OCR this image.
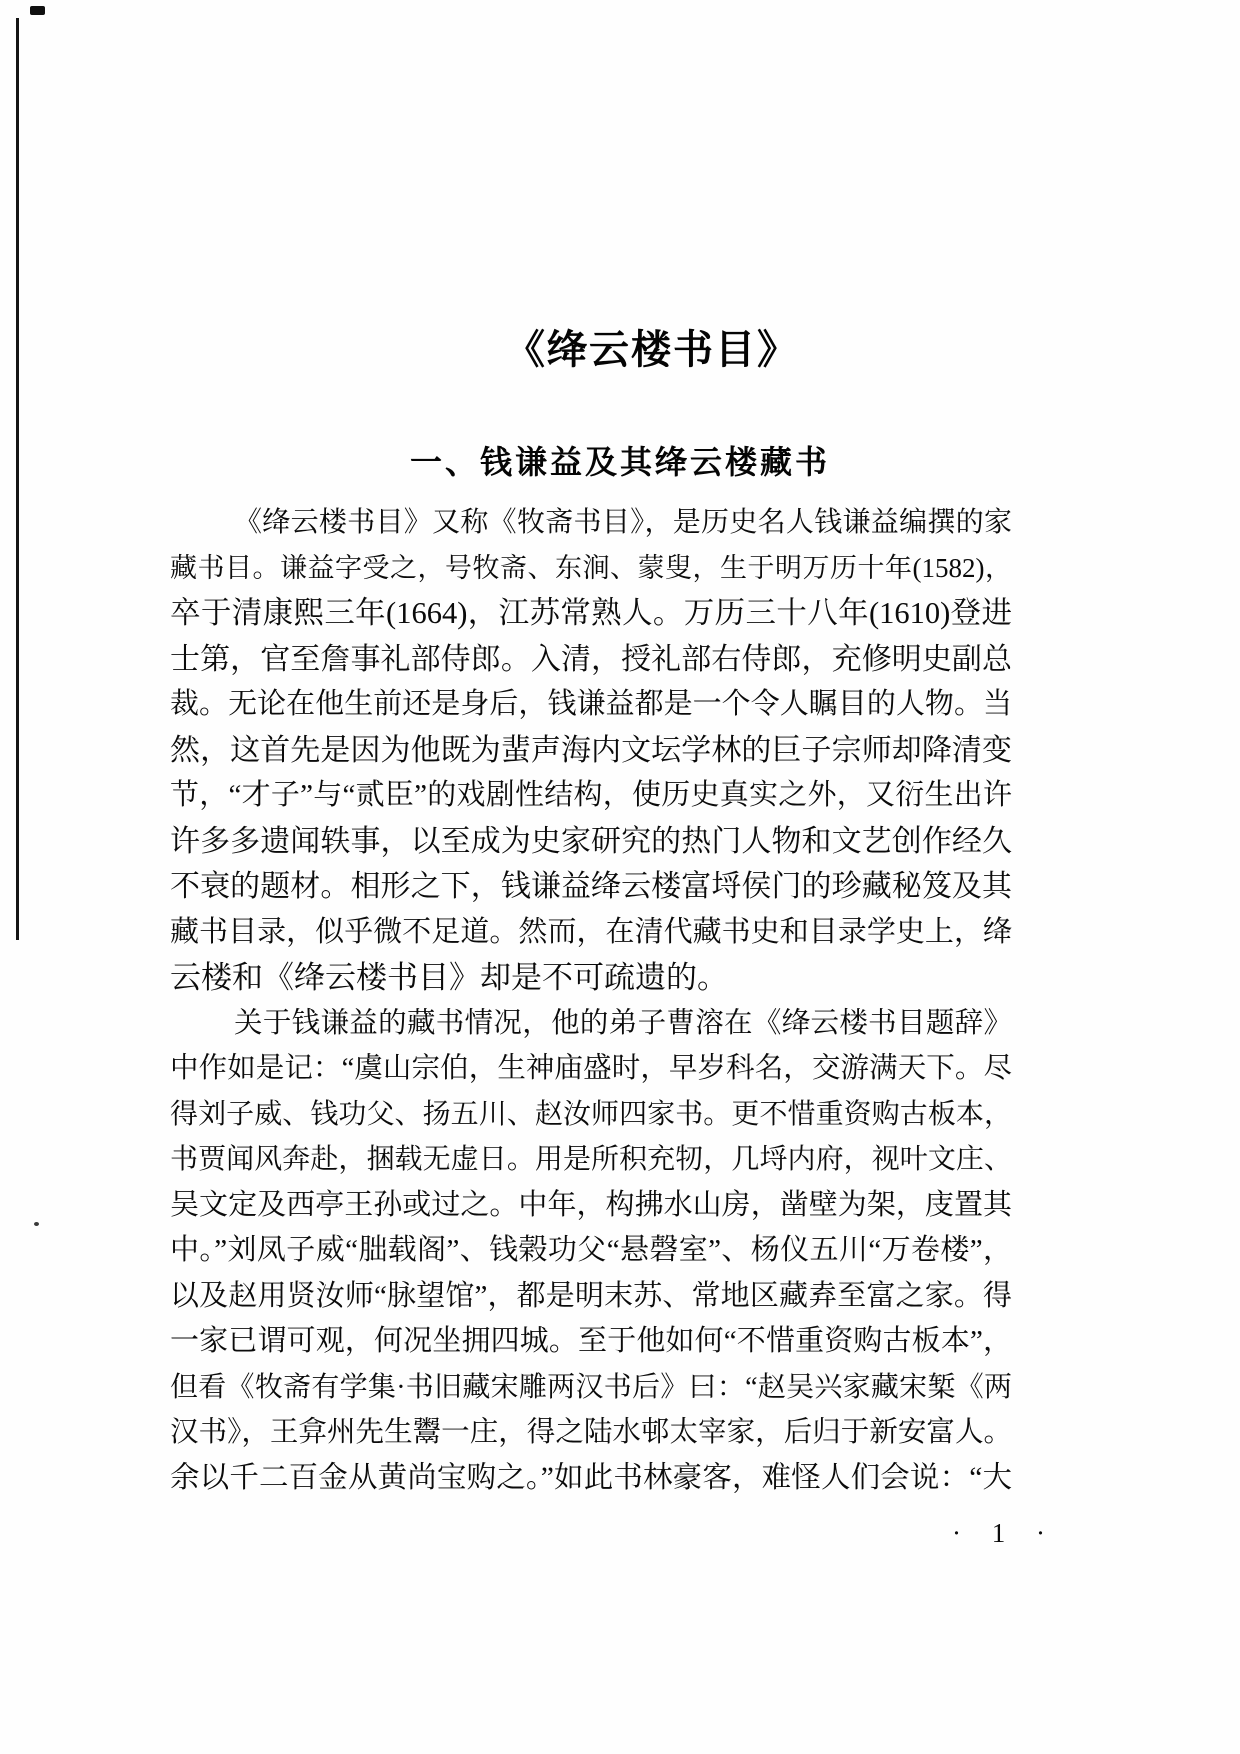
《绛云楼书目》
一、钱谦益及其绛云楼藏书
《绛云楼书目》又称《牧斋书目》，是历史名人钱谦益编撰的家
藏书目。谦益字受之，号牧斋、东涧、蒙叟，生于明万历十年(1582)，
卒于清康熙三年(1664)，江苏常熟人。万历三十八年(1610)登进
士第，官至詹事礼部侍郎。入清，授礼部右侍郎，充修明史副总
裁。无论在他生前还是身后，钱谦益都是一个令人瞩目的人物。当
然，这首先是因为他既为蜚声海内文坛学林的巨子宗师却降清变
节，“才子”与“贰臣”的戏剧性结构，使历史真实之外，又衍生出许
许多多遗闻轶事，以至成为史家研究的热门人物和文艺创作经久
不衰的题材。相形之下，钱谦益绛云楼富埒侯门的珍藏秘笈及其
藏书目录，似乎微不足道。然而，在清代藏书史和目录学史上，绛
云楼和《绛云楼书目》却是不可疏遗的。
关于钱谦益的藏书情况，他的弟子曹溶在《绛云楼书目题辞》
中作如是记：“虞山宗伯，生神庙盛时，早岁科名，交游满天下。尽
得刘子威、钱功父、扬五川、赵汝师四家书。更不惜重资购古板本，
书贾闻风奔赴，捆载无虚日。用是所积充牣，几埒内府，视叶文庄、
吴文定及西亭王孙或过之。中年，构拂水山房，凿壁为架，庋置其
中。”刘凤子威“朏载阁”、钱榖功父“悬磬室”、杨仪五川“万卷楼”，
以及赵用贤汝师“脉望馆”，都是明末苏、常地区藏弆至富之家。得
一家已谓可观，何况坐拥四城。至于他如何“不惜重资购古板本”，
但看《牧斋有学集·书旧藏宋雕两汉书后》曰：“赵吴兴家藏宋椠《两
汉书》，王弇州先生鬻一庄，得之陆水邨太宰家，后归于新安富人。
余以千二百金从黄尚宝购之。”如此书林豪客，难怪人们会说：“大
· 1 ·
